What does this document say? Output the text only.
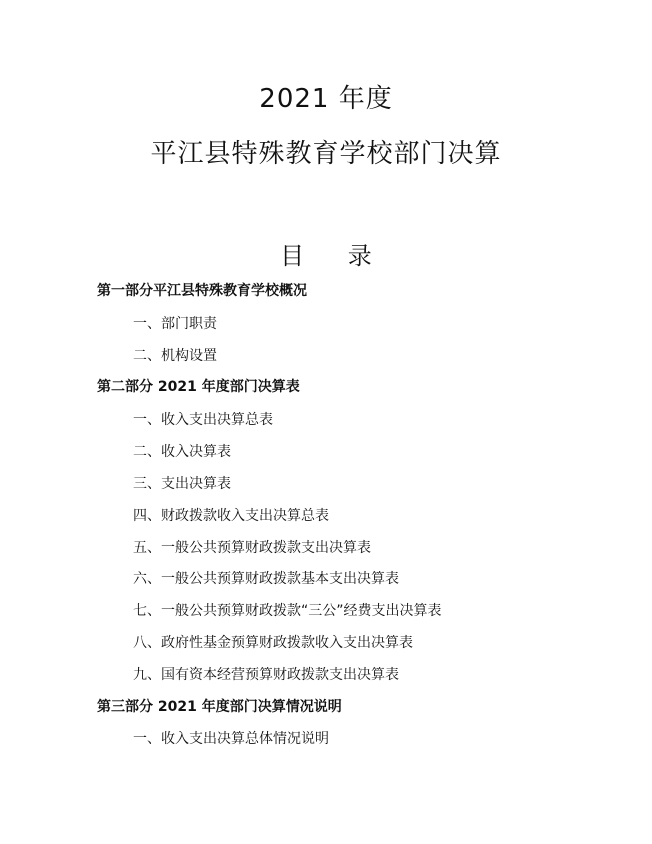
2021 年度
平江县特殊教育学校部门决算
目 录
第一部分平江县特殊教育学校概况
一、部门职责
二、机构设置
第二部分 2021 年度部门决算表
一、收入支出决算总表
二、收入决算表
三、支出决算表
四、财政拨款收入支出决算总表
五、一般公共预算财政拨款支出决算表
六、一般公共预算财政拨款基本支出决算表
七、一般公共预算财政拨款“三公”经费支出决算表
八、政府性基金预算财政拨款收入支出决算表
九、国有资本经营预算财政拨款支出决算表
第三部分 2021 年度部门决算情况说明
一、收入支出决算总体情况说明
